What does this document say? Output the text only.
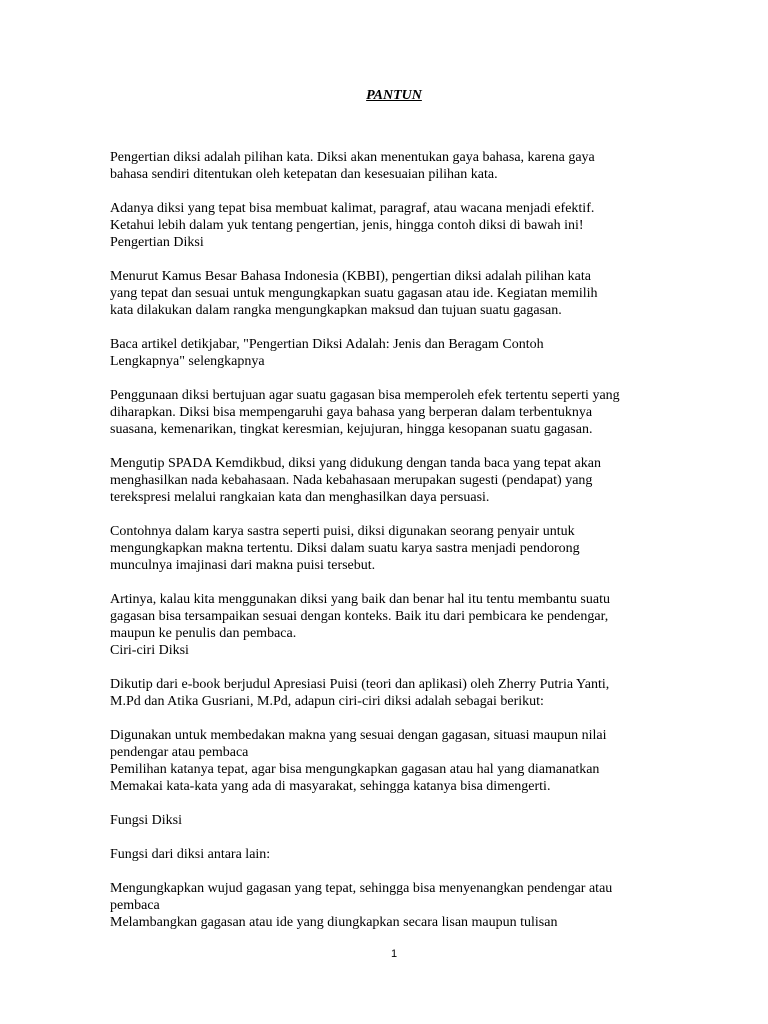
PANTUN
Pengertian diksi adalah pilihan kata. Diksi akan menentukan gaya bahasa, karena gaya
bahasa sendiri ditentukan oleh ketepatan dan kesesuaian pilihan kata.
Adanya diksi yang tepat bisa membuat kalimat, paragraf, atau wacana menjadi efektif.
Ketahui lebih dalam yuk tentang pengertian, jenis, hingga contoh diksi di bawah ini!
Pengertian Diksi
Menurut Kamus Besar Bahasa Indonesia (KBBI), pengertian diksi adalah pilihan kata
yang tepat dan sesuai untuk mengungkapkan suatu gagasan atau ide. Kegiatan memilih
kata dilakukan dalam rangka mengungkapkan maksud dan tujuan suatu gagasan.
Baca artikel detikjabar, "Pengertian Diksi Adalah: Jenis dan Beragam Contoh
Lengkapnya" selengkapnya
Penggunaan diksi bertujuan agar suatu gagasan bisa memperoleh efek tertentu seperti yang
diharapkan. Diksi bisa mempengaruhi gaya bahasa yang berperan dalam terbentuknya
suasana, kemenarikan, tingkat keresmian, kejujuran, hingga kesopanan suatu gagasan.
Mengutip SPADA Kemdikbud, diksi yang didukung dengan tanda baca yang tepat akan
menghasilkan nada kebahasaan. Nada kebahasaan merupakan sugesti (pendapat) yang
terekspresi melalui rangkaian kata dan menghasilkan daya persuasi.
Contohnya dalam karya sastra seperti puisi, diksi digunakan seorang penyair untuk
mengungkapkan makna tertentu. Diksi dalam suatu karya sastra menjadi pendorong
munculnya imajinasi dari makna puisi tersebut.
Artinya, kalau kita menggunakan diksi yang baik dan benar hal itu tentu membantu suatu
gagasan bisa tersampaikan sesuai dengan konteks. Baik itu dari pembicara ke pendengar,
maupun ke penulis dan pembaca.
Ciri-ciri Diksi
Dikutip dari e-book berjudul Apresiasi Puisi (teori dan aplikasi) oleh Zherry Putria Yanti,
M.Pd dan Atika Gusriani, M.Pd, adapun ciri-ciri diksi adalah sebagai berikut:
Digunakan untuk membedakan makna yang sesuai dengan gagasan, situasi maupun nilai
pendengar atau pembaca
Pemilihan katanya tepat, agar bisa mengungkapkan gagasan atau hal yang diamanatkan
Memakai kata-kata yang ada di masyarakat, sehingga katanya bisa dimengerti.
Fungsi Diksi
Fungsi dari diksi antara lain:
Mengungkapkan wujud gagasan yang tepat, sehingga bisa menyenangkan pendengar atau
pembaca
Melambangkan gagasan atau ide yang diungkapkan secara lisan maupun tulisan
1
